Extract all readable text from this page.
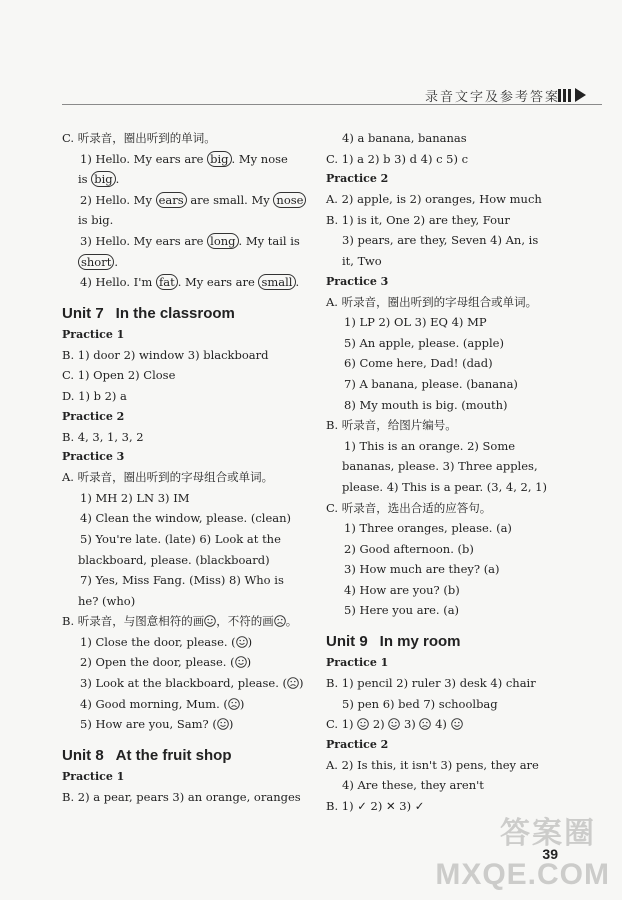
录音文字及参考答案
C. 听录音，圈出听到的单词。
1) Hello. My ears are big . My nose
is big .
2) Hello. My ears are small. My nose
is big.
3) Hello. My ears are long . My tail is
short .
4) Hello. I'm fat . My ears are small .
Unit 7 In the classroom
Practice 1
B. 1) door 2) window 3) blackboard
C. 1) Open 2) Close
D. 1) b 2) a
Practice 2
B. 4, 3, 1, 3, 2
Practice 3
A. 听录音，圈出听到的字母组合或单词。
1) MH 2) LN 3) IM
4) Clean the window, please. (clean)
5) You're late. (late) 6) Look at the
blackboard, please. (blackboard)
7) Yes, Miss Fang. (Miss) 8) Who is
he? (who)
B. 听录音，与图意相符的画 ，不符的画 。
1) Close the door, please. ( )
2) Open the door, please. ( )
3) Look at the blackboard, please. ( )
4) Good morning, Mum. ( )
5) How are you, Sam? ( )
Unit 8 At the fruit shop
Practice 1
B. 2) a pear, pears 3) an orange, oranges
4) a banana, bananas
C. 1) a 2) b 3) d 4) c 5) c
Practice 2
A. 2) apple, is 2) oranges, How much
B. 1) is it, One 2) are they, Four
3) pears, are they, Seven 4) An, is
it, Two
Practice 3
A. 听录音，圈出听到的字母组合或单词。
1) LP 2) OL 3) EQ 4) MP
5) An apple, please. (apple)
6) Come here, Dad! (dad)
7) A banana, please. (banana)
8) My mouth is big. (mouth)
B. 听录音，给图片编号。
1) This is an orange. 2) Some
bananas, please. 3) Three apples,
please. 4) This is a pear. (3, 4, 2, 1)
C. 听录音，选出合适的应答句。
1) Three oranges, please. (a)
2) Good afternoon. (b)
3) How much are they? (a)
4) How are you? (b)
5) Here you are. (a)
Unit 9 In my room
Practice 1
B. 1) pencil 2) ruler 3) desk 4) chair
5) pen 6) bed 7) schoolbag
C. 1)  2)  3)  4)
Practice 2
A. 2) Is this, it isn't 3) pens, they are
4) Are these, they aren't
B. 1) ✓ 2) ✕ 3) ✓
39
答案圈
MXQE.COM
